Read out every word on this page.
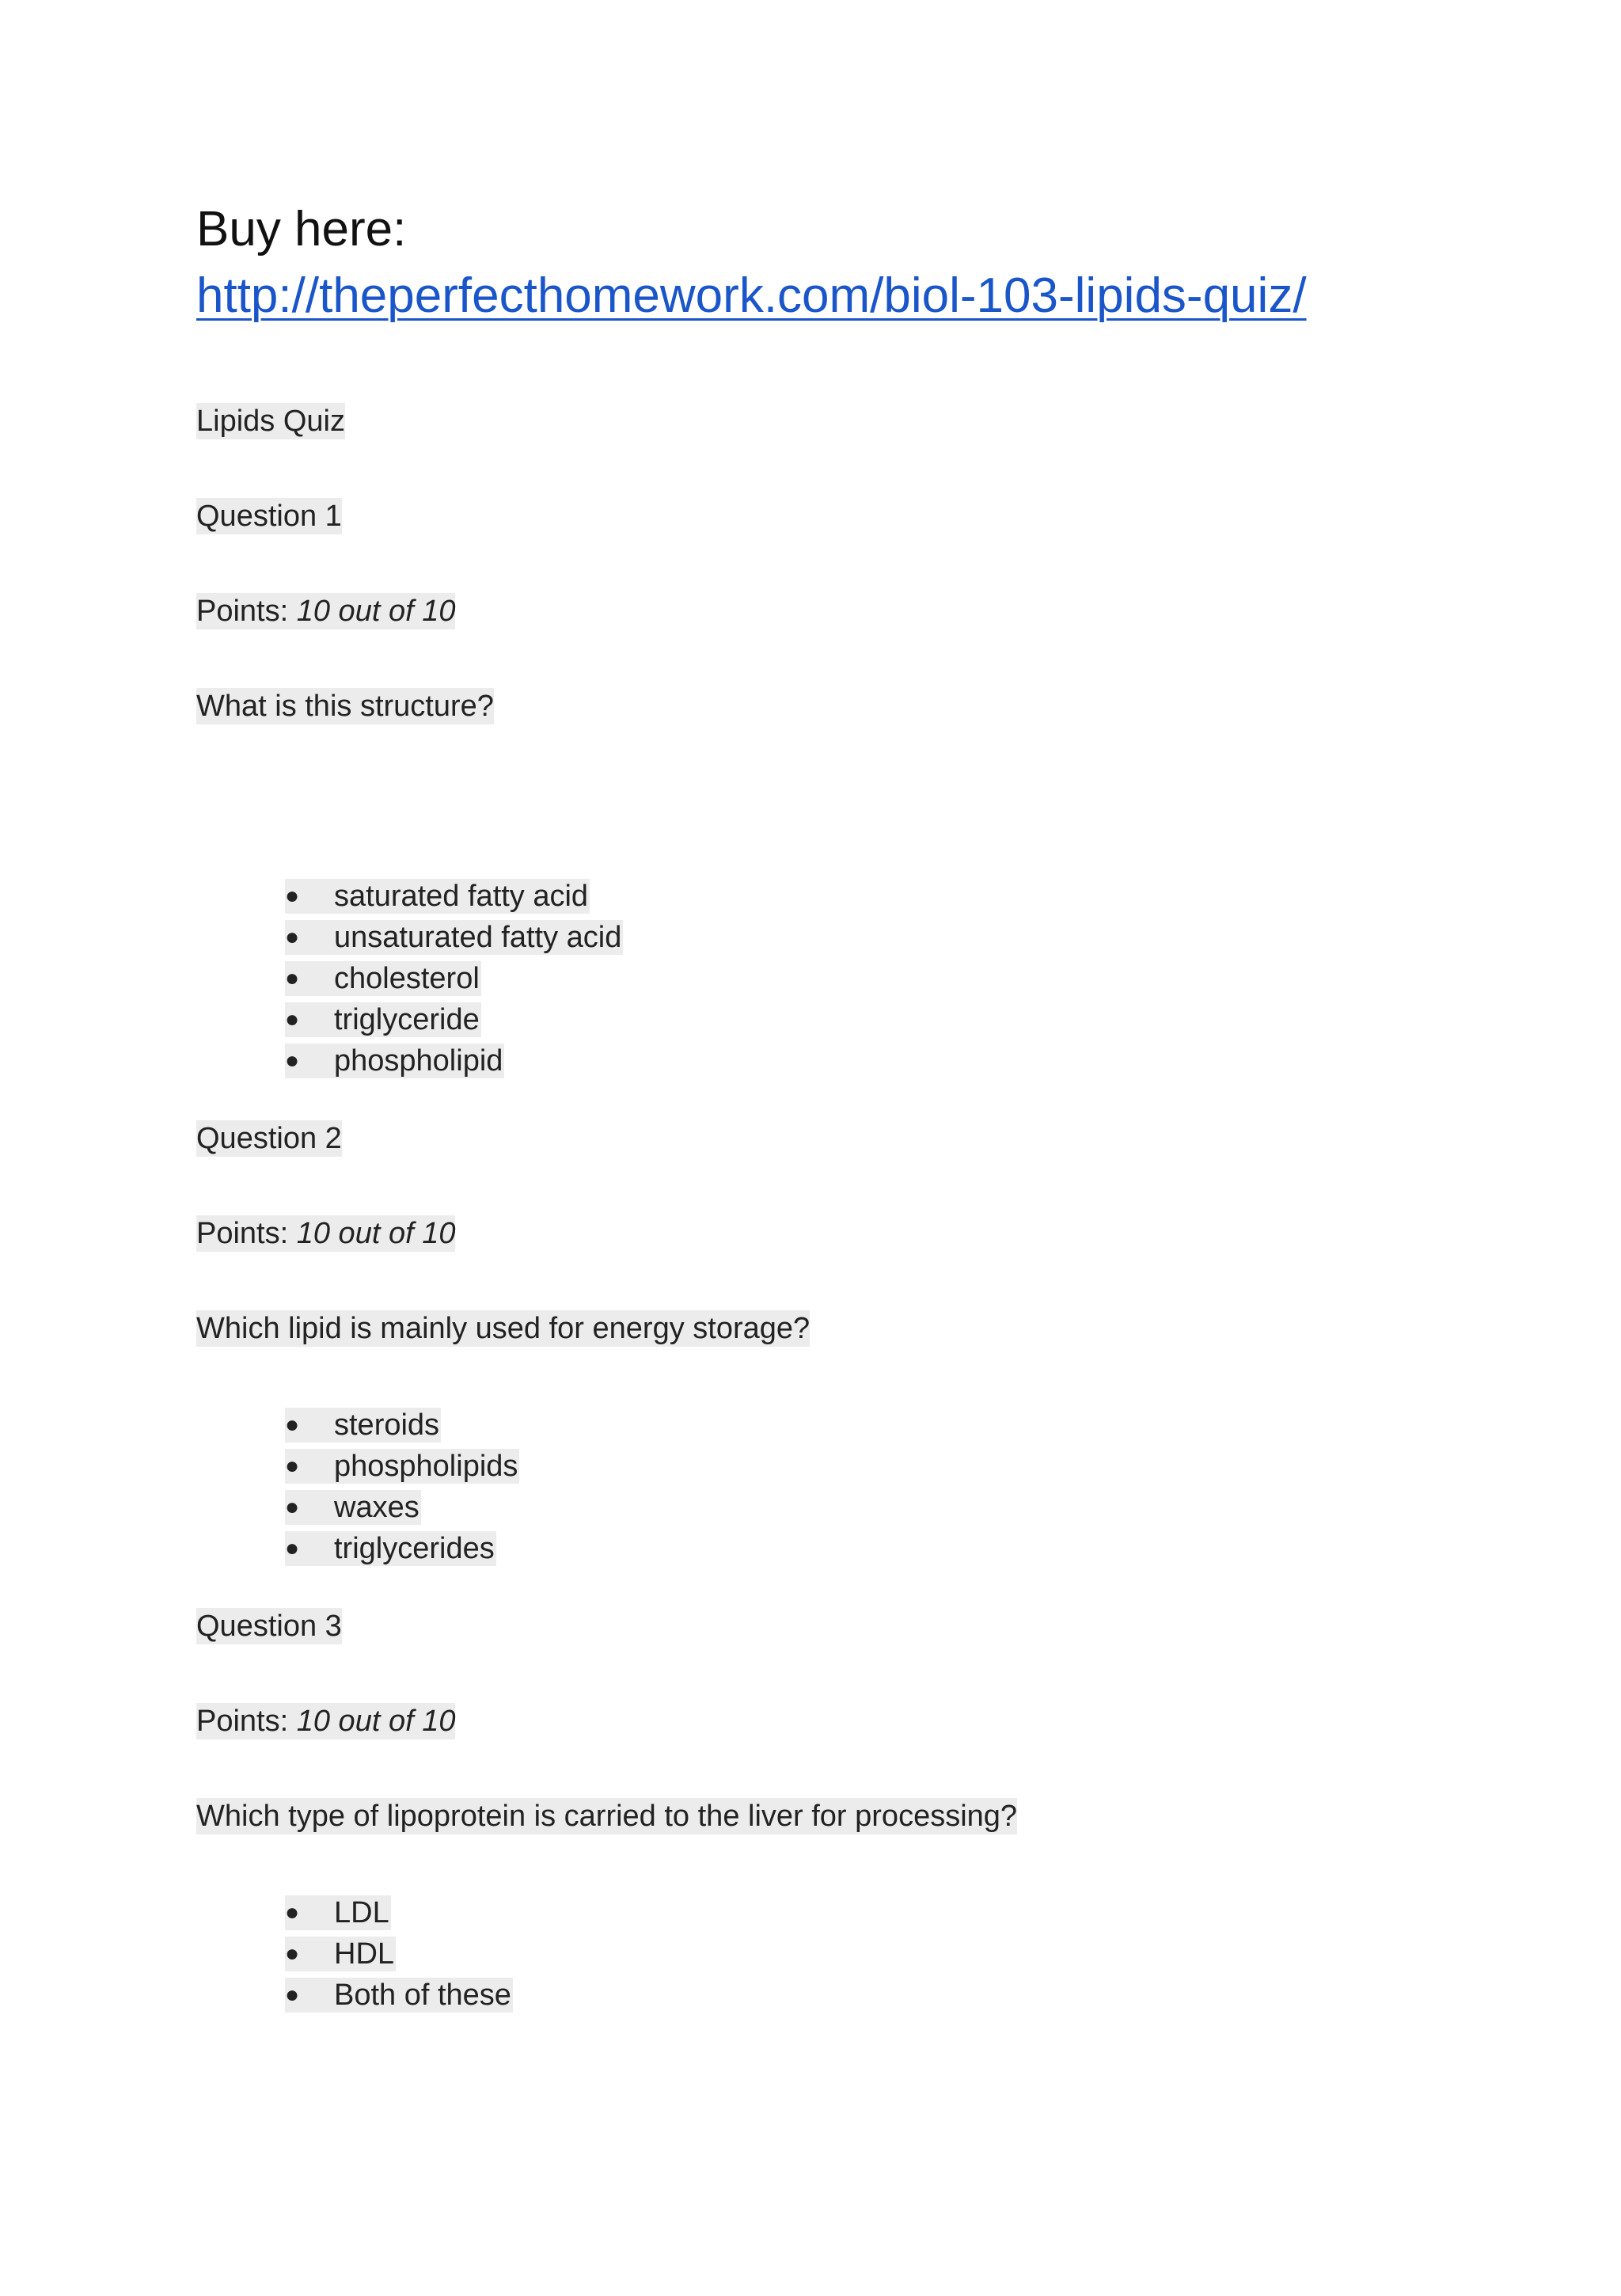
Buy here:
http://theperfecthomework.com/biol-103-lipids-quiz/
Lipids Quiz
Question 1
Points: 10 out of 10
What is this structure?
● saturated fatty acid
● unsaturated fatty acid
● cholesterol
● triglyceride
● phospholipid
Question 2
Points: 10 out of 10
Which lipid is mainly used for energy storage?
● steroids
● phospholipids
● waxes
● triglycerides
Question 3
Points: 10 out of 10
Which type of lipoprotein is carried to the liver for processing?
● LDL
● HDL
● Both of these
